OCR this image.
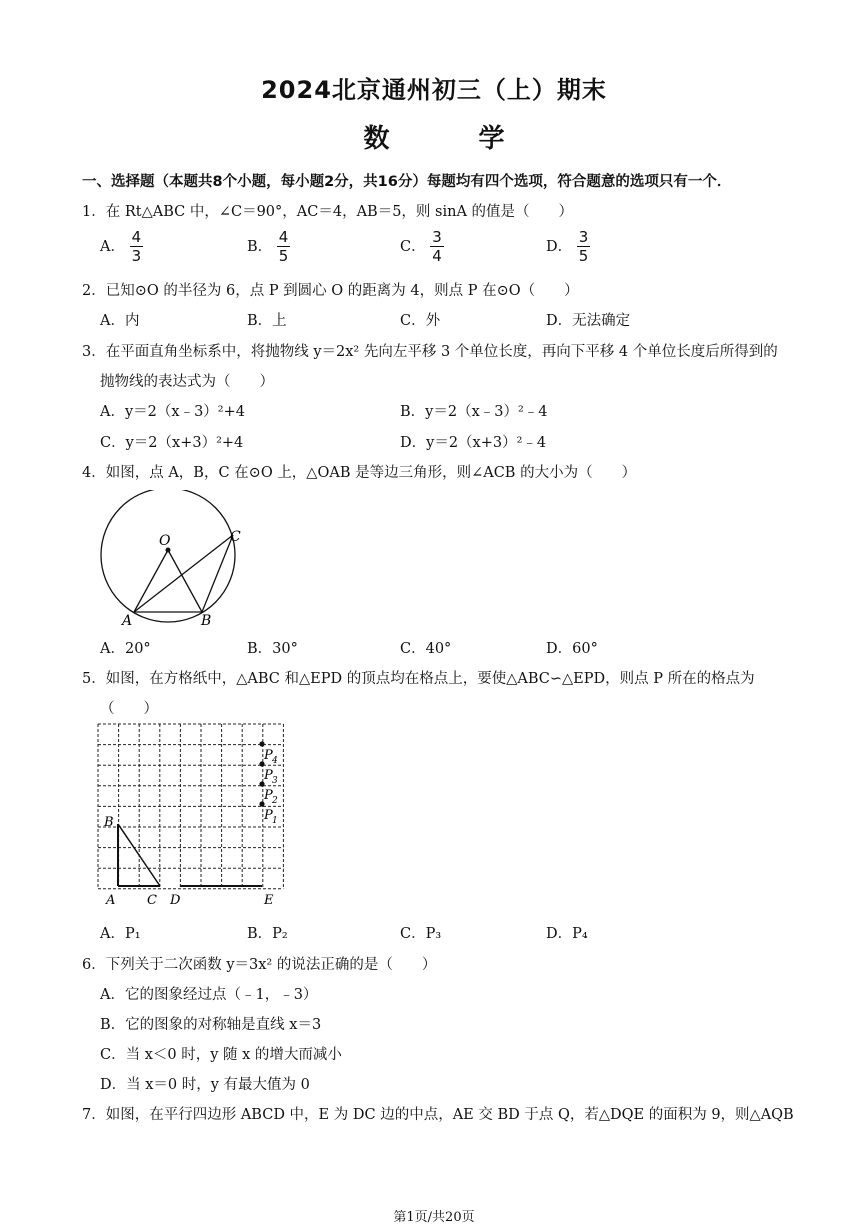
2024北京通州初三（上）期末
数 学
一、选择题（本题共8个小题，每小题2分，共16分）每题均有四个选项，符合题意的选项只有一个．
1．在 Rt△ABC 中，∠C＝90°，AC＝4，AB＝5，则 sinA 的值是（　　）
A． $\frac{4}{3}$	B． $\frac{4}{5}$	C． $\frac{3}{4}$	D． $\frac{3}{5}$
2．已知⊙O 的半径为 6，点 P 到圆心 O 的距离为 4，则点 P 在⊙O（　　）
A．内	B．上	C．外	D．无法确定
3．在平面直角坐标系中，将抛物线 y＝2x² 先向左平移 3 个单位长度，再向下平移 4 个单位长度后所得到的
抛物线的表达式为（　　）
A．y＝2（x﹣3）²+4	B．y＝2（x﹣3）²﹣4
C．y＝2（x+3）²+4	D．y＝2（x+3）²﹣4
4．如图，点 A，B，C 在⊙O 上，△OAB 是等边三角形，则∠ACB 的大小为（　　）
O
A	B
C
A．20°	B．30°	C．40°	D．60°
5．如图，在方格纸中，△ABC 和△EPD 的顶点均在格点上，要使△ABC∽△EPD，则点 P 所在的格点为
（　　）
B
A C D	E
P 1
P 2
P 3
P 4
A．P₁	B．P₂	C．P₃	D．P₄
6．下列关于二次函数 y＝3x² 的说法正确的是（　　）
A．它的图象经过点（﹣1，﹣3）
B．它的图象的对称轴是直线 x＝3
C．当 x＜0 时，y 随 x 的增大而减小
D．当 x＝0 时，y 有最大值为 0
7．如图，在平行四边形 ABCD 中，E 为 DC 边的中点，AE 交 BD 于点 Q，若△DQE 的面积为 9，则△AQB
第1页/共20页
